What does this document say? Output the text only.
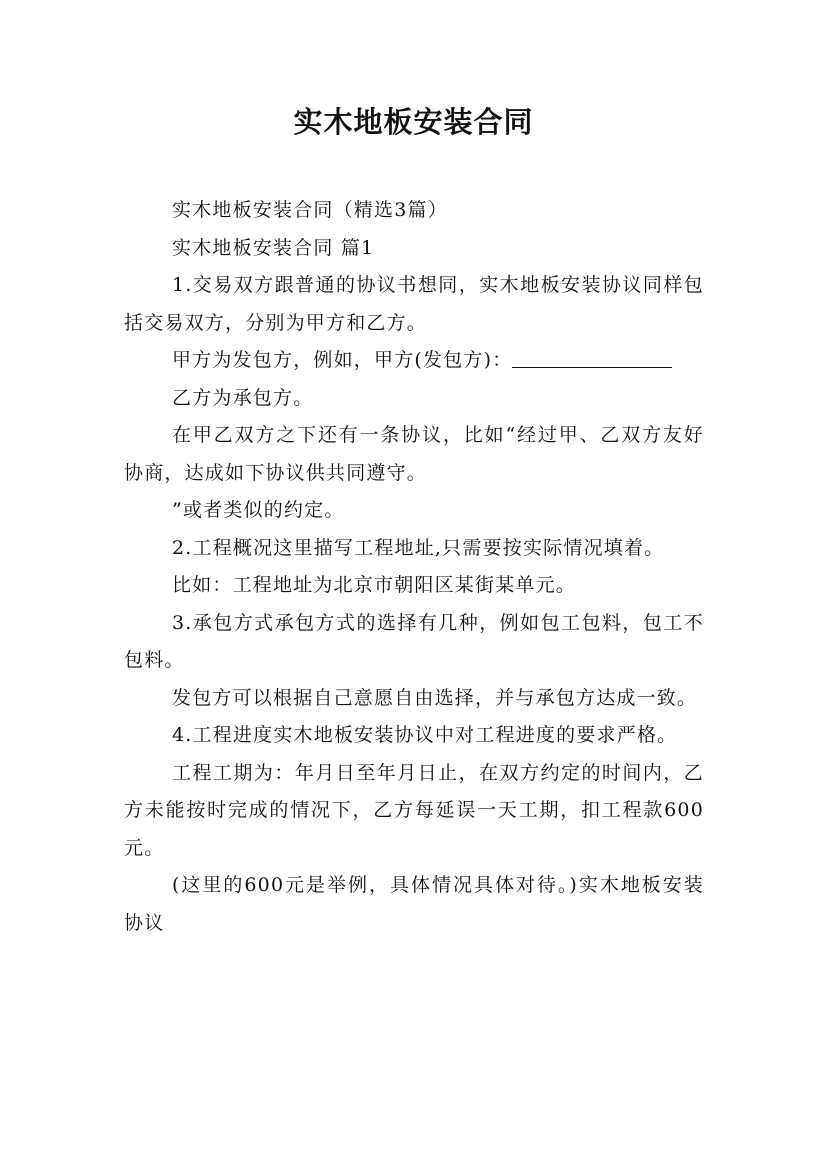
实木地板安装合同

实木地板安装合同（精选3篇）

实木地板安装合同 篇1

1.交易双方跟普通的协议书想同，实木地板安装协议同样包括交易双方，分别为甲方和乙方。

甲方为发包方，例如，甲方(发包方)：

乙方为承包方。

在甲乙双方之下还有一条协议，比如“经过甲、乙双方友好协商，达成如下协议供共同遵守。

”或者类似的约定。

2.工程概况这里描写工程地址,只需要按实际情况填着。

比如：工程地址为北京市朝阳区某街某单元。

3.承包方式承包方式的选择有几种，例如包工包料，包工不包料。

发包方可以根据自己意愿自由选择，并与承包方达成一致。

4.工程进度实木地板安装协议中对工程进度的要求严格。

工程工期为：年月日至年月日止，在双方约定的时间内，乙方未能按时完成的情况下，乙方每延误一天工期，扣工程款600元。

(这里的600元是举例，具体情况具体对待。)实木地板安装协议
